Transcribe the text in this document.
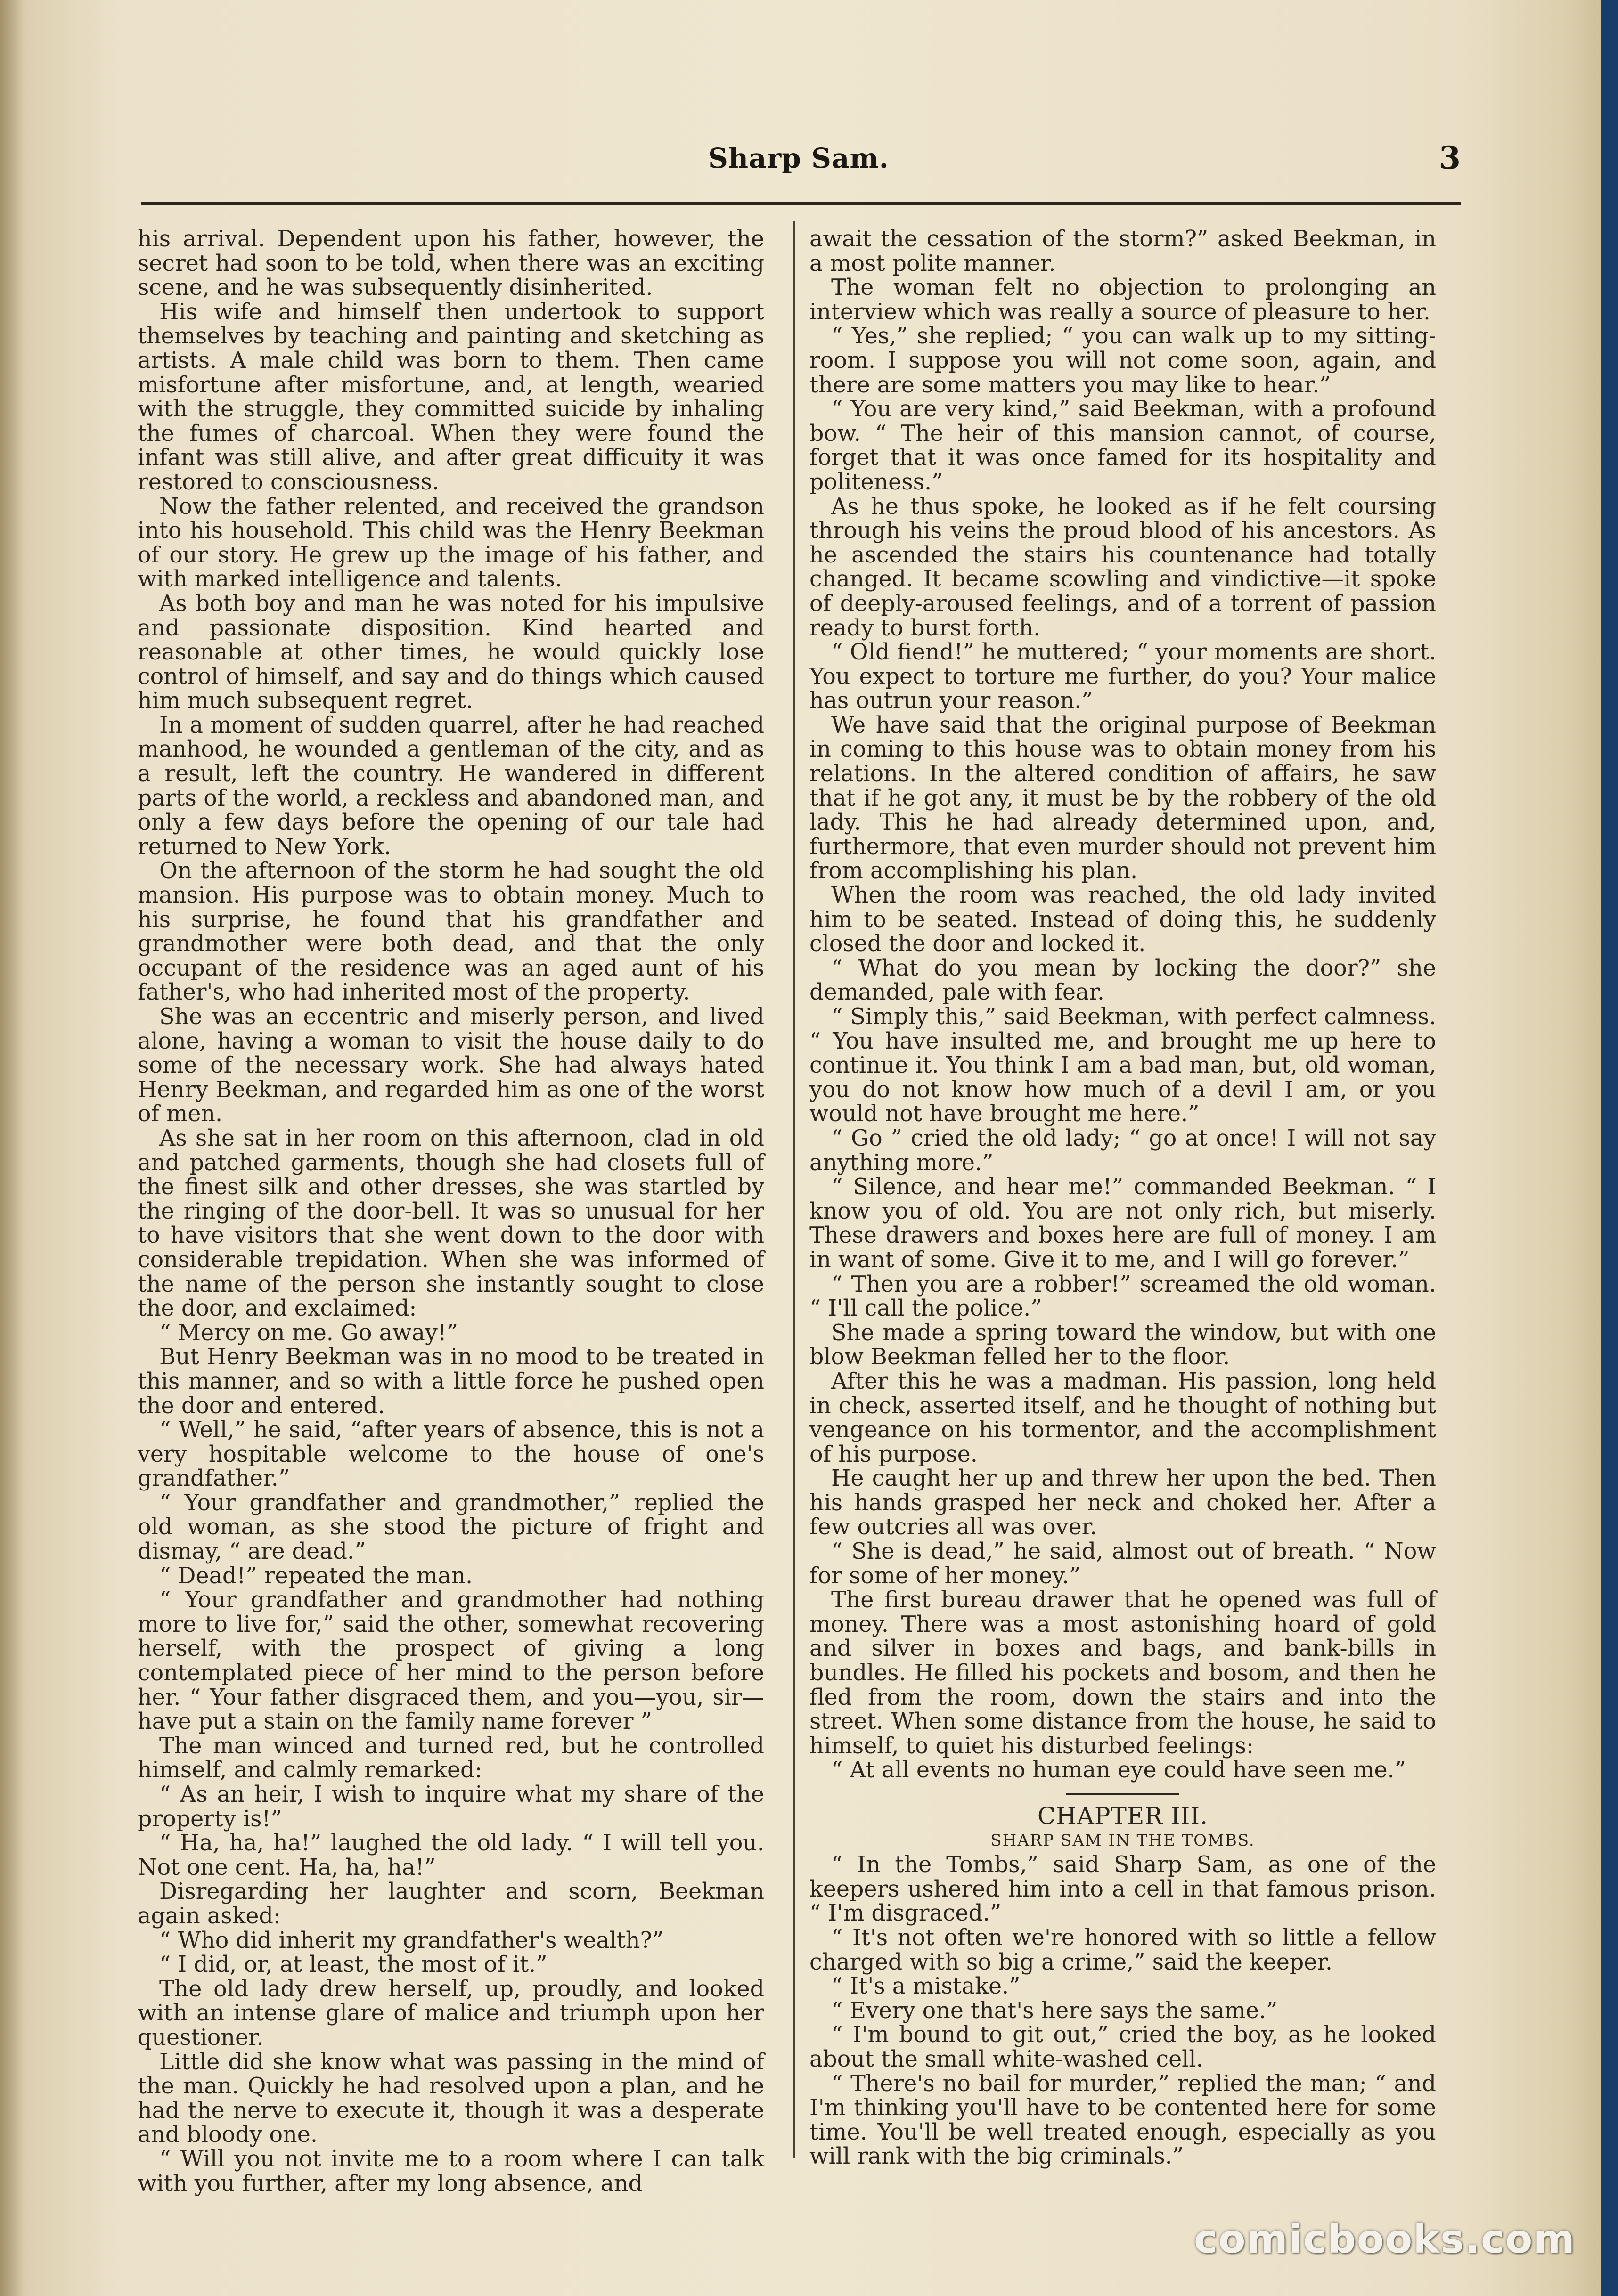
Sharp Sam.	3

his arrival. Dependent upon his father, however, the secret had soon to be told, when there was an exciting scene, and he was subsequently disinherited.

His wife and himself then undertook to support themselves by teaching and painting and sketching as artists. A male child was born to them. Then came misfortune after misfortune, and, at length, wearied with the struggle, they committed suicide by inhaling the fumes of charcoal. When they were found the infant was still alive, and after great difficuity it was restored to consciousness.

Now the father relented, and received the grandson into his household. This child was the Henry Beekman of our story. He grew up the image of his father, and with marked intelligence and talents.

As both boy and man he was noted for his impulsive and passionate disposition. Kind hearted and reasonable at other times, he would quickly lose control of himself, and say and do things which caused him much subsequent regret.

In a moment of sudden quarrel, after he had reached manhood, he wounded a gentleman of the city, and as a result, left the country. He wandered in different parts of the world, a reckless and abandoned man, and only a few days before the opening of our tale had returned to New York.

On the afternoon of the storm he had sought the old mansion. His purpose was to obtain money. Much to his surprise, he found that his grandfather and grandmother were both dead, and that the only occupant of the residence was an aged aunt of his father's, who had inherited most of the property.

She was an eccentric and miserly person, and lived alone, having a woman to visit the house daily to do some of the necessary work. She had always hated Henry Beekman, and regarded him as one of the worst of men.

As she sat in her room on this afternoon, clad in old and patched garments, though she had closets full of the finest silk and other dresses, she was startled by the ringing of the door-bell. It was so unusual for her to have visitors that she went down to the door with considerable trepidation. When she was informed of the name of the person she instantly sought to close the door, and exclaimed:

“ Mercy on me. Go away!”

But Henry Beekman was in no mood to be treated in this manner, and so with a little force he pushed open the door and entered.

“ Well,” he said, “after years of absence, this is not a very hospitable welcome to the house of one's grandfather.”

“ Your grandfather and grandmother,” replied the old woman, as she stood the picture of fright and dismay, “ are dead.”

“ Dead!” repeated the man.

“ Your grandfather and grandmother had nothing more to live for,” said the other, somewhat recovering herself, with the prospect of giving a long contemplated piece of her mind to the person before her. “ Your father disgraced them, and you—you, sir—have put a stain on the family name forever ”

The man winced and turned red, but he controlled himself, and calmly remarked:

“ As an heir, I wish to inquire what my share of the property is!”

“ Ha, ha, ha!” laughed the old lady. “ I will tell you. Not one cent. Ha, ha, ha!”

Disregarding her laughter and scorn, Beekman again asked:

“ Who did inherit my grandfather's wealth?”

“ I did, or, at least, the most of it.”

The old lady drew herself, up, proudly, and looked with an intense glare of malice and triumph upon her questioner.

Little did she know what was passing in the mind of the man. Quickly he had resolved upon a plan, and he had the nerve to execute it, though it was a desperate and bloody one.

“ Will you not invite me to a room where I can talk with you further, after my long absence, and

await the cessation of the storm?” asked Beekman, in a most polite manner.

The woman felt no objection to prolonging an interview which was really a source of pleasure to her.

“ Yes,” she replied; “ you can walk up to my sitting-room. I suppose you will not come soon, again, and there are some matters you may like to hear.”

“ You are very kind,” said Beekman, with a profound bow. “ The heir of this mansion cannot, of course, forget that it was once famed for its hospitality and politeness.”

As he thus spoke, he looked as if he felt coursing through his veins the proud blood of his ancestors. As he ascended the stairs his countenance had totally changed. It became scowling and vindictive—it spoke of deeply-aroused feelings, and of a torrent of passion ready to burst forth.

“ Old fiend!” he muttered; “ your moments are short. You expect to torture me further, do you? Your malice has outrun your reason.”

We have said that the original purpose of Beekman in coming to this house was to obtain money from his relations. In the altered condition of affairs, he saw that if he got any, it must be by the robbery of the old lady. This he had already determined upon, and, furthermore, that even murder should not prevent him from accomplishing his plan.

When the room was reached, the old lady invited him to be seated. Instead of doing this, he suddenly closed the door and locked it.

“ What do you mean by locking the door?” she demanded, pale with fear.

“ Simply this,” said Beekman, with perfect calmness. “ You have insulted me, and brought me up here to continue it. You think I am a bad man, but, old woman, you do not know how much of a devil I am, or you would not have brought me here.”

“ Go ” cried the old lady; “ go at once! I will not say anything more.”

“ Silence, and hear me!” commanded Beekman. “ I know you of old. You are not only rich, but miserly. These drawers and boxes here are full of money. I am in want of some. Give it to me, and I will go forever.”

“ Then you are a robber!” screamed the old woman. “ I'll call the police.”

She made a spring toward the window, but with one blow Beekman felled her to the floor.

After this he was a madman. His passion, long held in check, asserted itself, and he thought of nothing but vengeance on his tormentor, and the accomplishment of his purpose.

He caught her up and threw her upon the bed. Then his hands grasped her neck and choked her. After a few outcries all was over.

“ She is dead,” he said, almost out of breath. “ Now for some of her money.”

The first bureau drawer that he opened was full of money. There was a most astonishing hoard of gold and silver in boxes and bags, and bank-bills in bundles. He filled his pockets and bosom, and then he fled from the room, down the stairs and into the street. When some distance from the house, he said to himself, to quiet his disturbed feelings:

“ At all events no human eye could have seen me.”

CHAPTER III.

SHARP SAM IN THE TOMBS.

“ In the Tombs,” said Sharp Sam, as one of the keepers ushered him into a cell in that famous prison. “ I'm disgraced.”

“ It's not often we're honored with so little a fellow charged with so big a crime,” said the keeper.

“ It's a mistake.”

“ Every one that's here says the same.”

“ I'm bound to git out,” cried the boy, as he looked about the small white-washed cell.

“ There's no bail for murder,” replied the man; “ and I'm thinking you'll have to be contented here for some time. You'll be well treated enough, especially as you will rank with the big criminals.”

comicbooks.com
